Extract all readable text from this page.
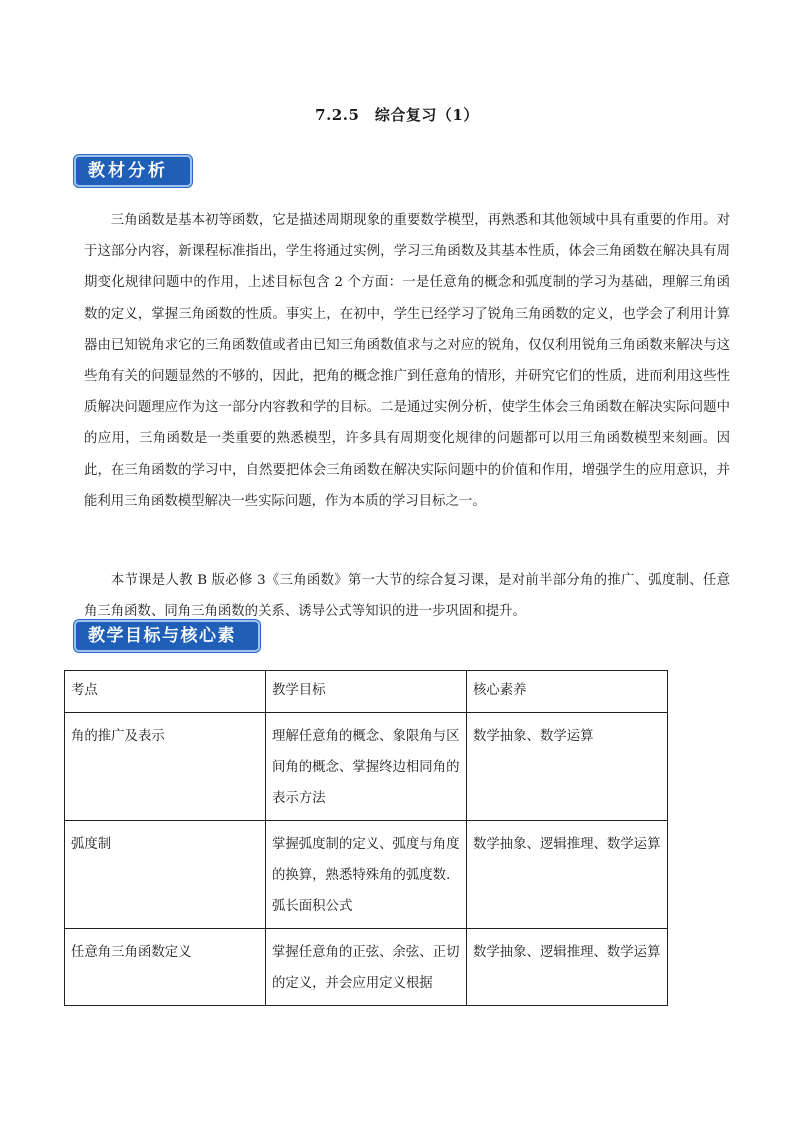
7.2.5　综合复习（1）
教材分析

三角函数是基本初等函数，它是描述周期现象的重要数学模型，再熟悉和其他领域中具有重要的作用。对于这部分内容，新课程标准指出，学生将通过实例，学习三角函数及其基本性质，体会三角函数在解决具有周期变化规律问题中的作用，上述目标包含 2 个方面：一是任意角的概念和弧度制的学习为基础，理解三角函数的定义，掌握三角函数的性质。事实上，在初中，学生已经学习了锐角三角函数的定义，也学会了利用计算器由已知锐角求它的三角函数值或者由已知三角函数值求与之对应的锐角，仅仅利用锐角三角函数来解决与这些角有关的问题显然的不够的，因此，把角的概念推广到任意角的情形，并研究它们的性质，进而利用这些性质解决问题理应作为这一部分内容教和学的目标。二是通过实例分析，使学生体会三角函数在解决实际问题中的应用，三角函数是一类重要的熟悉模型，许多具有周期变化规律的问题都可以用三角函数模型来刻画。因此，在三角函数的学习中，自然要把体会三角函数在解决实际问题中的价值和作用，增强学生的应用意识，并能利用三角函数模型解决一些实际问题，作为本质的学习目标之一。

本节课是人教 B 版必修 3《三角函数》第一大节的综合复习课，是对前半部分角的推广、弧度制、任意角三角函数、同角三角函数的关系、诱导公式等知识的进一步巩固和提升。

教学目标与核心素养
考点	教学目标	核心素养
角的推广及表示	理解任意角的概念、象限角与区间角的概念、掌握终边相同角的表示方法	数学抽象、数学运算
弧度制	掌握弧度制的定义、弧度与角度的换算，熟悉特殊角的弧度数．弧长面积公式	数学抽象、逻辑推理、数学运算
任意角三角函数定义	掌握任意角的正弦、余弦、正切的定义，并会应用定义根据	数学抽象、逻辑推理、数学运算
